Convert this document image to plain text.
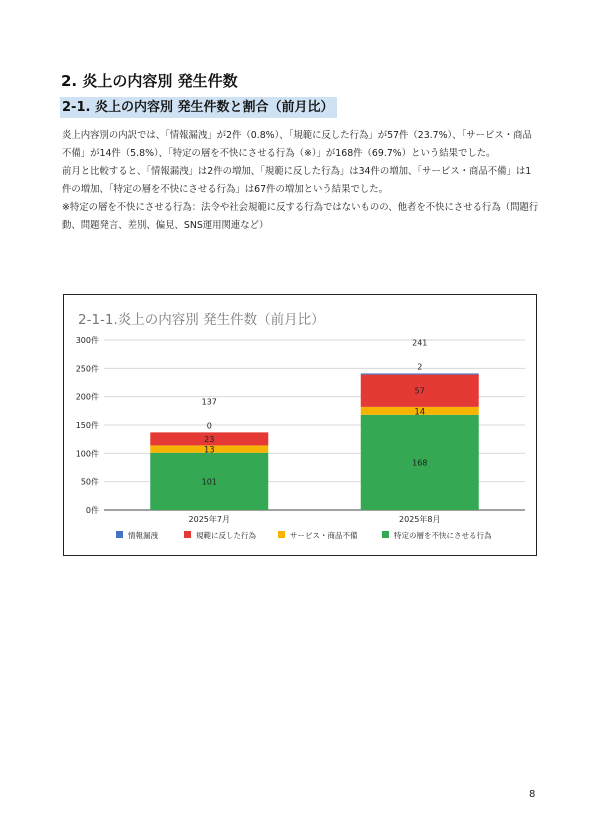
2. 炎上の内容別 発生件数
2-1. 炎上の内容別 発生件数と割合（前月比）

炎上内容別の内訳では、「情報漏洩」が2件（0.8%）、「規範に反した行為」が57件（23.7%）、「サービス・商品不備」が14件（5.8%）、「特定の層を不快にさせる行為（※）」が168件（69.7%）という結果でした。

前月と比較すると、「情報漏洩」は2件の増加、「規範に反した行為」は34件の増加、「サービス・商品不備」は1件の増加、「特定の層を不快にさせる行為」は67件の増加という結果でした。

※特定の層を不快にさせる行為：法令や社会規範に反する行為ではないものの、他者を不快にさせる行為（問題行動、問題発言、差別、偏見、SNS運用関連など）

2-1-1.炎上の内容別 発生件数（前月比）
0件
50件
100件
150件
200件
250件
300件
101
13
23
0
137
2025年7月
168
14
57
2
241
2025年8月
情報漏洩	規範に反した行為	サービス・商品不備	特定の層を不快にさせる行為
8
